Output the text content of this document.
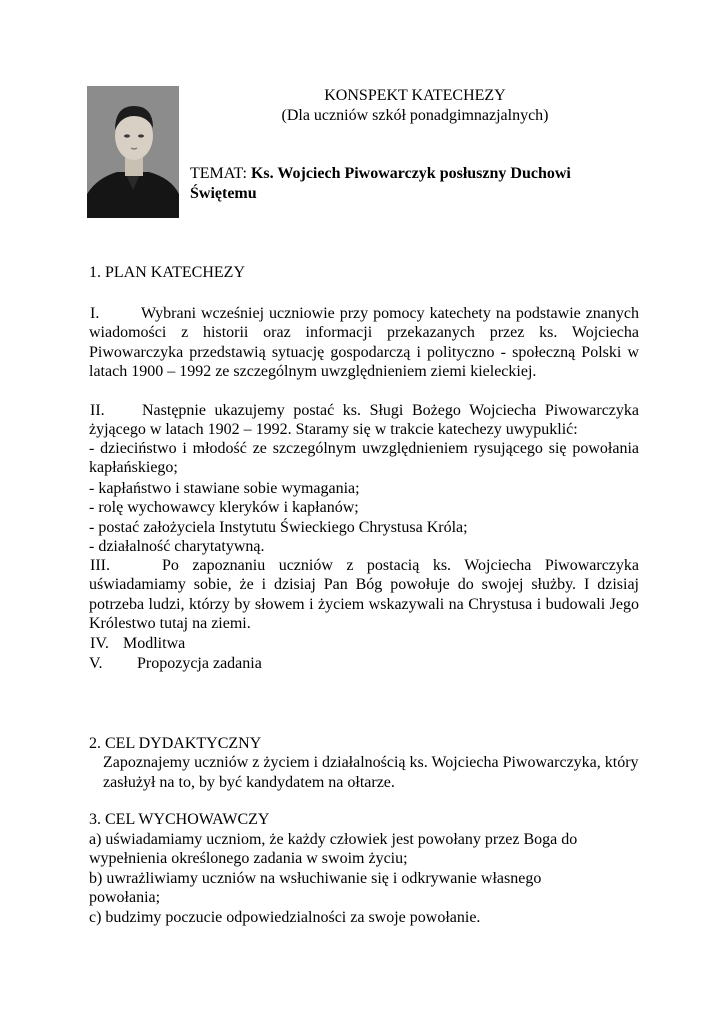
KONSPEKT KATECHEZY
(Dla uczniów szkół ponadgimnazjalnych)
TEMAT: Ks. Wojciech Piwowarczyk posłuszny Duchowi Świętemu
1. PLAN KATECHEZY
I.	Wybrani wcześniej uczniowie przy pomocy katechety na podstawie znanych wiadomości z historii oraz informacji przekazanych przez ks. Wojciecha Piwowarczyka przedstawią sytuację gospodarczą i polityczno - społeczną Polski w latach 1900 – 1992 ze szczególnym uwzględnieniem ziemi kieleckiej.
II. Następnie ukazujemy postać ks. Sługi Bożego Wojciecha Piwowarczyka żyjącego w latach 1902 – 1992. Staramy się w trakcie katechezy uwypuklić:
- dzieciństwo i młodość ze szczególnym uwzględnieniem rysującego się powołania kapłańskiego;
- kapłaństwo i stawiane sobie wymagania;
- rolę wychowawcy kleryków i kapłanów;
- postać założyciela Instytutu Świeckiego Chrystusa Króla;
- działalność charytatywną.
III.	Po zapoznaniu uczniów z postacią ks. Wojciecha Piwowarczyka uświadamiamy sobie, że i dzisiaj Pan Bóg powołuje do swojej służby. I dzisiaj potrzeba ludzi, którzy by słowem i życiem wskazywali na Chrystusa i budowali Jego Królestwo tutaj na ziemi.
IV. Modlitwa
V. Propozycja zadania
2. CEL DYDAKTYCZNY
Zapoznajemy uczniów z życiem i działalnością ks. Wojciecha Piwowarczyka, który zasłużył na to, by być kandydatem na ołtarze.
3. CEL WYCHOWAWCZY
a) uświadamiamy uczniom, że każdy człowiek jest powołany przez Boga do wypełnienia określonego zadania w swoim życiu;
b) uwrażliwiamy uczniów na wsłuchiwanie się i odkrywanie własnego powołania;
c) budzimy poczucie odpowiedzialności za swoje powołanie.
